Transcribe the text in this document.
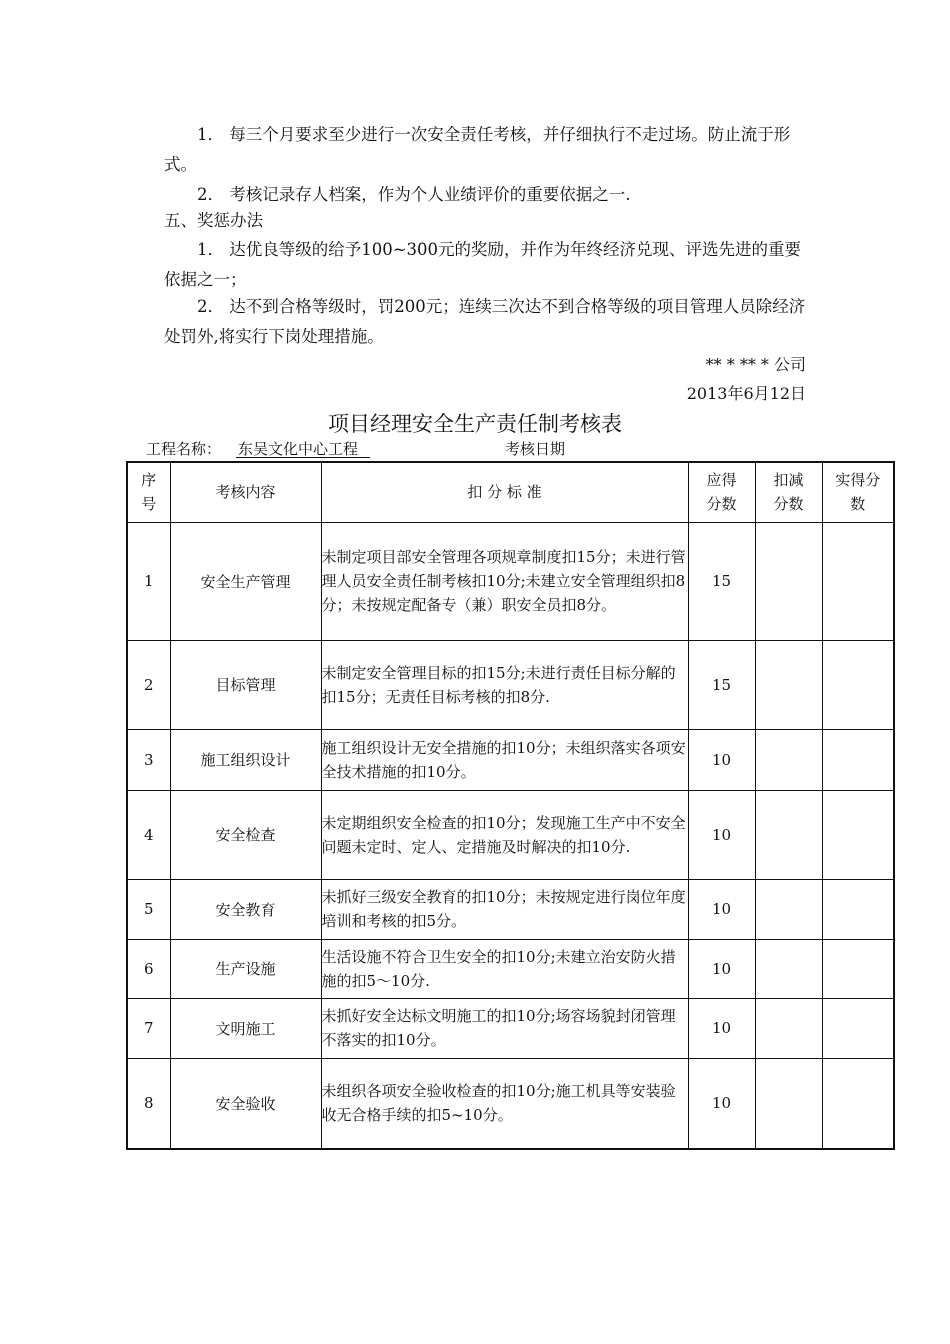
1． 每三个月要求至少进行一次安全责任考核，并仔细执行不走过场。防止流于形式。
2． 考核记录存人档案，作为个人业绩评价的重要依据之一.
五、奖惩办法
1． 达优良等级的给予100~300元的奖励，并作为年终经济兑现、评选先进的重要依据之一；
2． 达不到合格等级时，罚200元；连续三次达不到合格等级的项目管理人员除经济处罚外,将实行下岗处理措施。
** * ** * 公司
2013年6月12日
项目经理安全生产责任制考核表
工程名称： 东吴文化中心工程	考核日期
序号	考核内容	扣 分 标 准	应得分数	扣减分数	实得分数
1	安全生产管理	未制定项目部安全管理各项规章制度扣15分；未进行管理人员安全责任制考核扣10分;未建立安全管理组织扣8分；未按规定配备专（兼）职安全员扣8分。	15		
2	目标管理	未制定安全管理目标的扣15分;未进行责任目标分解的扣15分；无责任目标考核的扣8分.	15		
3	施工组织设计	施工组织设计无安全措施的扣10分；未组织落实各项安全技术措施的扣10分。	10		
4	安全检查	未定期组织安全检查的扣10分；发现施工生产中不安全问题未定时、定人、定措施及时解决的扣10分.	10		
5	安全教育	未抓好三级安全教育的扣10分；未按规定进行岗位年度培训和考核的扣5分。	10		
6	生产设施	生活设施不符合卫生安全的扣10分;未建立治安防火措施的扣5～10分.	10		
7	文明施工	未抓好安全达标文明施工的扣10分;场容场貌封闭管理不落实的扣10分。	10		
8	安全验收	未组织各项安全验收检查的扣10分;施工机具等安装验收无合格手续的扣5~10分。	10		
